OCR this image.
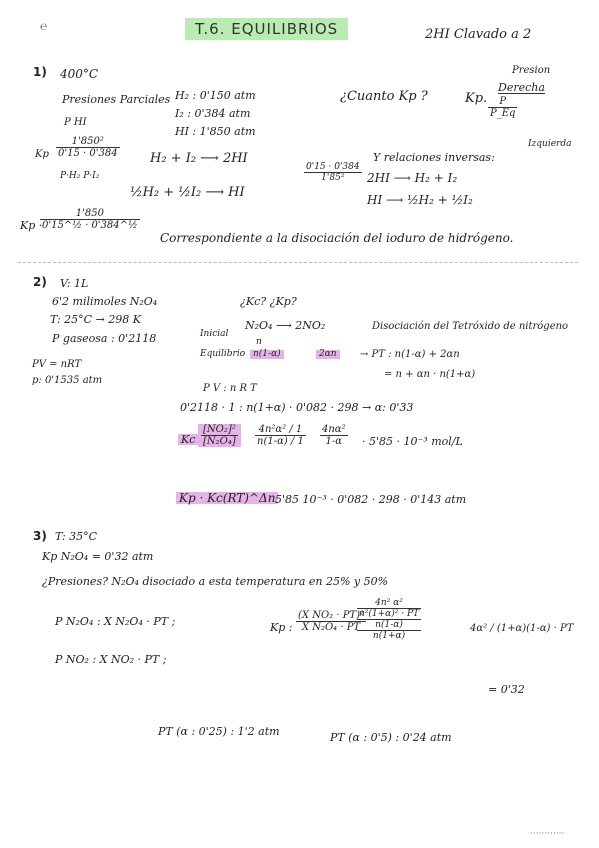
℮	T.6. EQUILIBRIOS	2HI Clavado a 2
1) 400°C
Presiones Parciales H₂ : 0'150 atm
I₂ : 0'384 atm
HI : 1'850 atm
¿Cuanto Kp ?	Kp.
Presion
Derecha
$\frac{P}{P\_Eq}$
Izquierda
P HI
Kp $\frac{\text{1'850²}}{0'15 \cdot 0'384}$
P·H₂ P·I₂
H₂ + I₂ ⟶ 2HI
$\frac{0'15 \cdot 0'384}{\text{1'85²}}$
Y relaciones inversas:
2HI ⟶ H₂ + I₂
HI ⟶ ½H₂ + ½I₂
½H₂ + ½I₂ ⟶ HI
Kp ·
$\frac{1'850}{\text{0'15\textasciicircum{}½ · 0'384\textasciicircum{}½}}$
Correspondiente a la disociación del ioduro de hidrógeno.
2) V: 1L
6'2 milimoles N₂O₄
T: 25°C → 298 K
P gaseosa : 0'2118
PV = nRT
p: 0'1535 atm
¿Kc? ¿Kp?
N₂O₄ ⟶ 2NO₂
Inicial
n
Equilibrio n(1-α)	2αn
Disociación del Tetróxido de nitrógeno
→ PT : n(1-α) + 2αn
= n + αn · n(1+α)
P V : n R T
0'2118 · 1 : n(1+α) · 0'082 · 298 → α: 0'33
Kc $\frac{\text{[NO₂]²}}{\text{[N₂O₄]}} \frac{\text{4n²α² / 1}}{n(1-\alpha) / 1} \frac{\text{4nα²}}{1-\alpha} \cdot 5'85 \cdot 10^{-3}$ mol/L
Kp · Kc(RT)^Δn
· 5'85 10⁻³ · 0'082 · 298 · 0'143 atm
3) T: 35°C
Kp N₂O₄ = 0'32 atm
¿Presiones? N₂O₄ disociado a esta temperatura en 25% y 50%
P N₂O₄ : X N₂O₄ · PT ;
P NO₂ : X NO₂ · PT ;
Kp : $\frac{\text{(X NO₂ · PT)²}}{\text{X N₂O₄ · PT}}$
4n² α²
n²(1+α)² · PT
n(1-α)
n(1+α)
4α² / (1+α)(1-α) · PT
= 0'32
PT (α : 0'25) : 1'2 atm	PT (α : 0'5) : 0'24 atm
············
